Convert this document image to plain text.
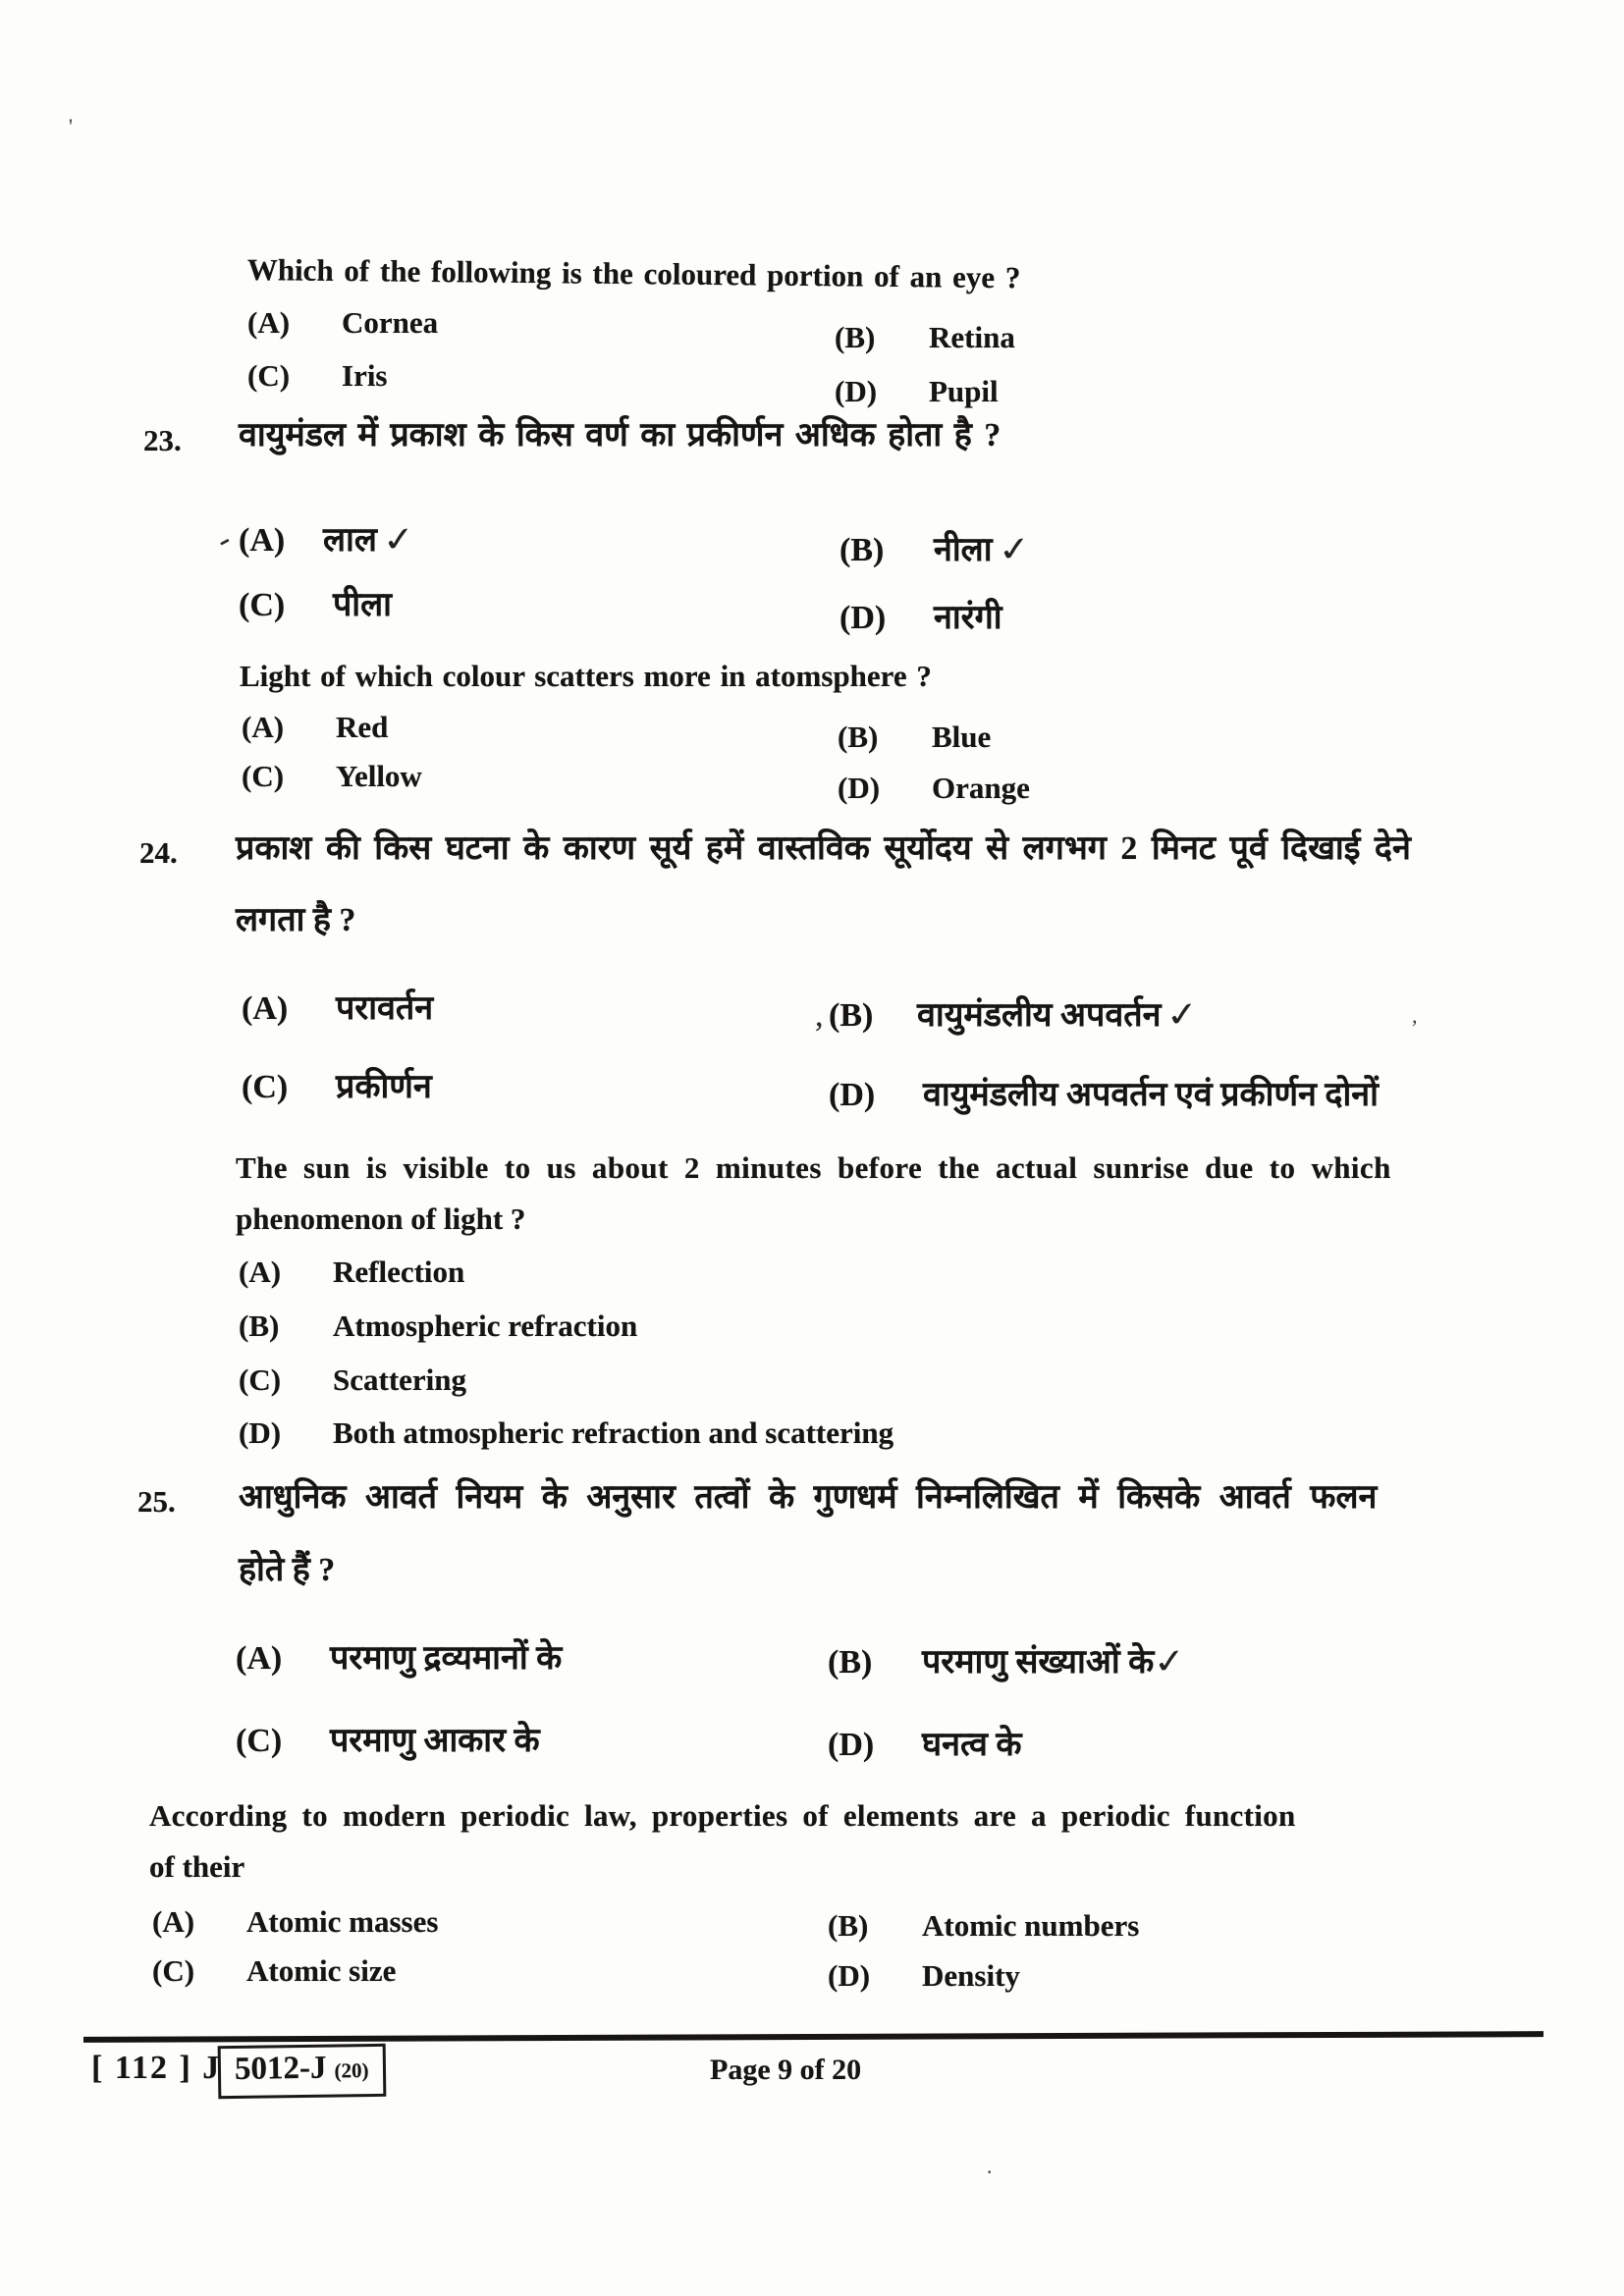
'
,
·
Which of the following is the coloured portion of an eye ?
(A) Cornea	(B) Retina
(C) Iris	(D) Pupil
23. वायुमंडल में प्रकाश के किस वर्ण का प्रकीर्णन अधिक होता है ?
-(A) लाल ✓	(B) नीला ✓
(C) पीला	(D) नारंगी
Light of which colour scatters more in atomsphere ?
(A) Red	(B) Blue
(C) Yellow	(D) Orange
24. प्रकाश की किस घटना के कारण सूर्य हमें वास्तविक सूर्योदय से लगभग 2 मिनट पूर्व दिखाई देने
लगता है ?
(A) परावर्तन	, (B) वायुमंडलीय अपवर्तन ✓
(C) प्रकीर्णन	(D) वायुमंडलीय अपवर्तन एवं प्रकीर्णन दोनों
The sun is visible to us about 2 minutes before the actual sunrise due to which
phenomenon of light ?
(A) Reflection
(B) Atmospheric refraction
(C) Scattering
(D) Both atmospheric refraction and scattering
25. आधुनिक आवर्त नियम के अनुसार तत्वों के गुणधर्म निम्नलिखित में किसके आवर्त फलन
होते हैं ?
(A) परमाणु द्रव्यमानों के	(B) परमाणु संख्याओं के✓
(C) परमाणु आकार के	(D) घनत्व के
According to modern periodic law, properties of elements are a periodic function
of their
(A) Atomic masses	(B) Atomic numbers
(C) Atomic size	(D) Density
[ 112 ] J 5012-J (20)	Page 9 of 20
